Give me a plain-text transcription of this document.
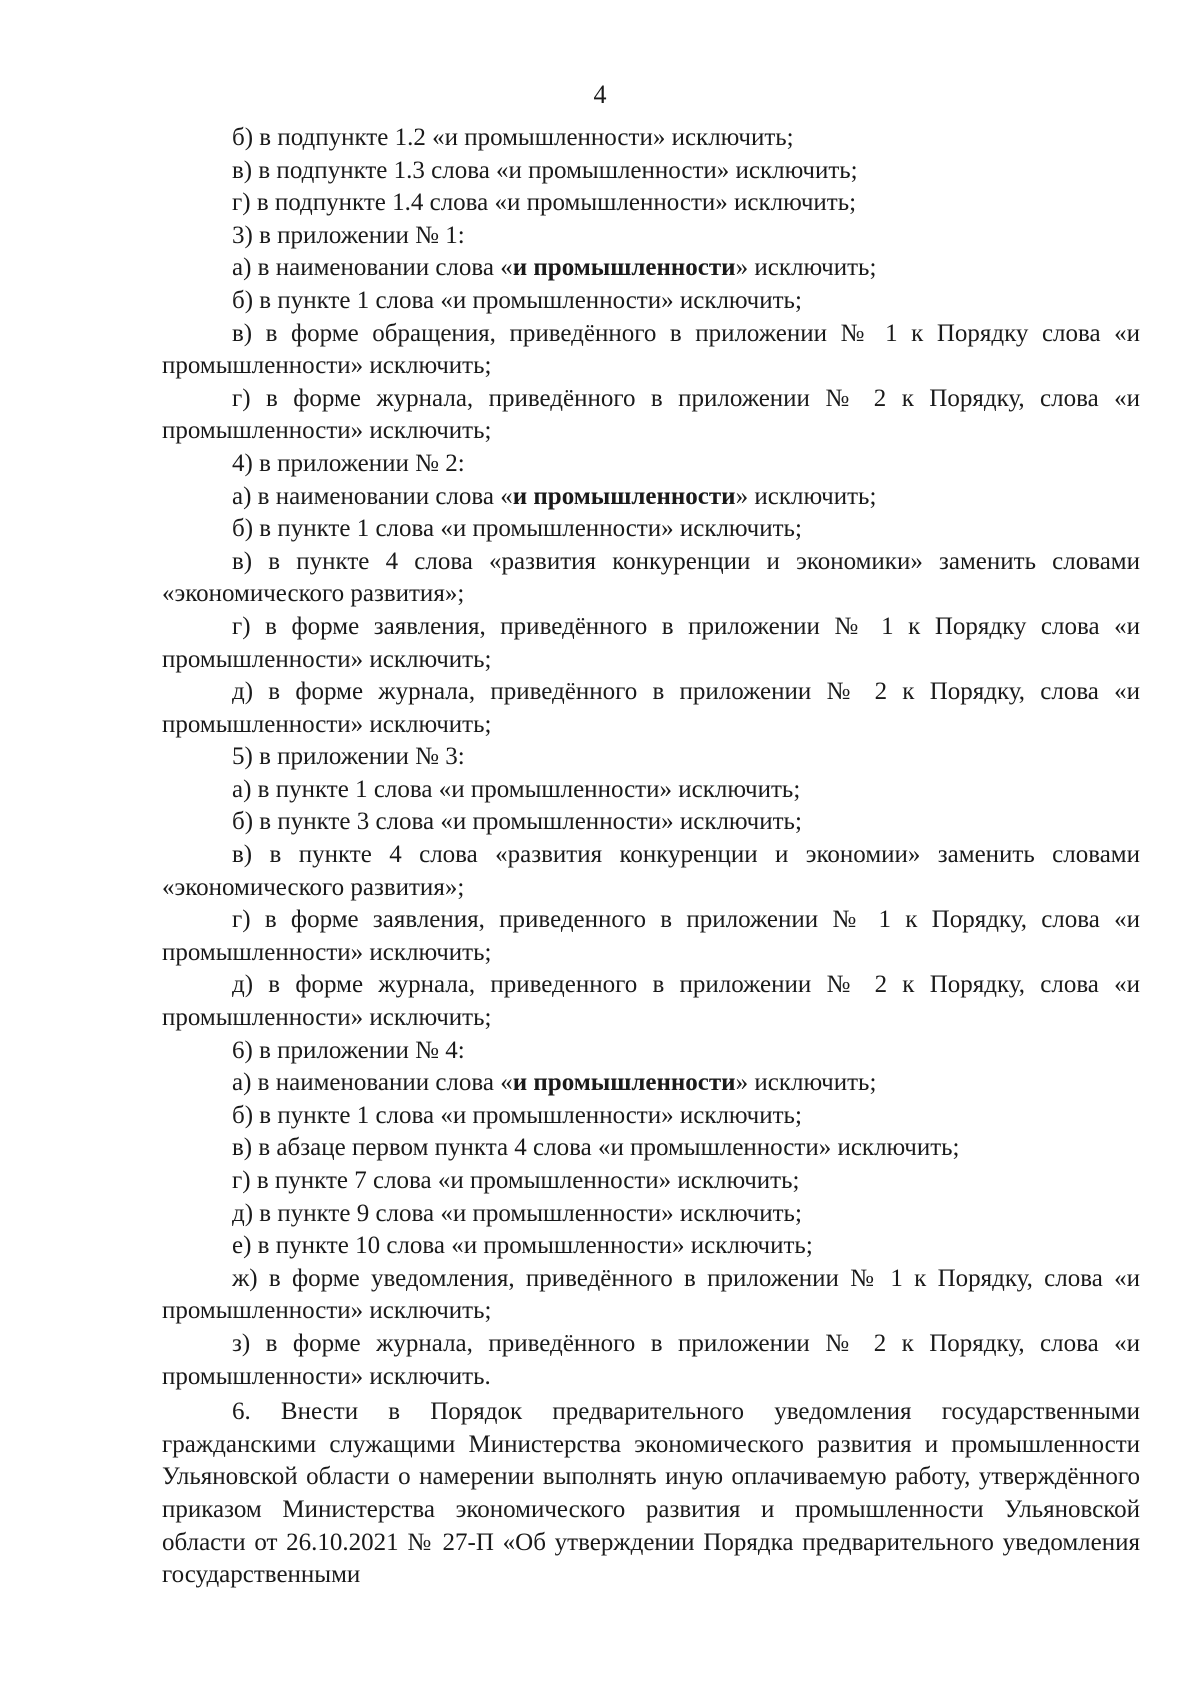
4

б) в подпункте 1.2 «и промышленности» исключить;

в) в подпункте 1.3 слова «и промышленности» исключить;

г) в подпункте 1.4 слова «и промышленности» исключить;

3) в приложении № 1:

а) в наименовании слова «и промышленности» исключить;

б) в пункте 1 слова «и промышленности» исключить;

в) в форме обращения, приведённого в приложении № 1 к Порядку слова «и промышленности» исключить;

г) в форме журнала, приведённого в приложении № 2 к Порядку, слова «и промышленности» исключить;

4) в приложении № 2:

а) в наименовании слова «и промышленности» исключить;

б) в пункте 1 слова «и промышленности» исключить;

в) в пункте 4 слова «развития конкуренции и экономики» заменить словами «экономического развития»;

г) в форме заявления, приведённого в приложении № 1 к Порядку слова «и промышленности» исключить;

д) в форме журнала, приведённого в приложении № 2 к Порядку, слова «и промышленности» исключить;

5) в приложении № 3:

а) в пункте 1 слова «и промышленности» исключить;

б) в пункте 3 слова «и промышленности» исключить;

в) в пункте 4 слова «развития конкуренции и экономии» заменить словами «экономического развития»;

г) в форме заявления, приведенного в приложении № 1 к Порядку, слова «и промышленности» исключить;

д) в форме журнала, приведенного в приложении № 2 к Порядку, слова «и промышленности» исключить;

6) в приложении № 4:

а) в наименовании слова «и промышленности» исключить;

б) в пункте 1 слова «и промышленности» исключить;

в) в абзаце первом пункта 4 слова «и промышленности» исключить;

г) в пункте 7 слова «и промышленности» исключить;

д) в пункте 9 слова «и промышленности» исключить;

е) в пункте 10 слова «и промышленности» исключить;

ж) в форме уведомления, приведённого в приложении № 1 к Порядку, слова «и промышленности» исключить;

з) в форме журнала, приведённого в приложении № 2 к Порядку, слова «и промышленности» исключить.

6. Внести в Порядок предварительного уведомления государственными гражданскими служащими Министерства экономического развития и промышленности Ульяновской области о намерении выполнять иную оплачиваемую работу, утверждённого приказом Министерства экономического развития и промышленности Ульяновской области от 26.10.2021 № 27-П «Об утверждении Порядка предварительного уведомления государственными
